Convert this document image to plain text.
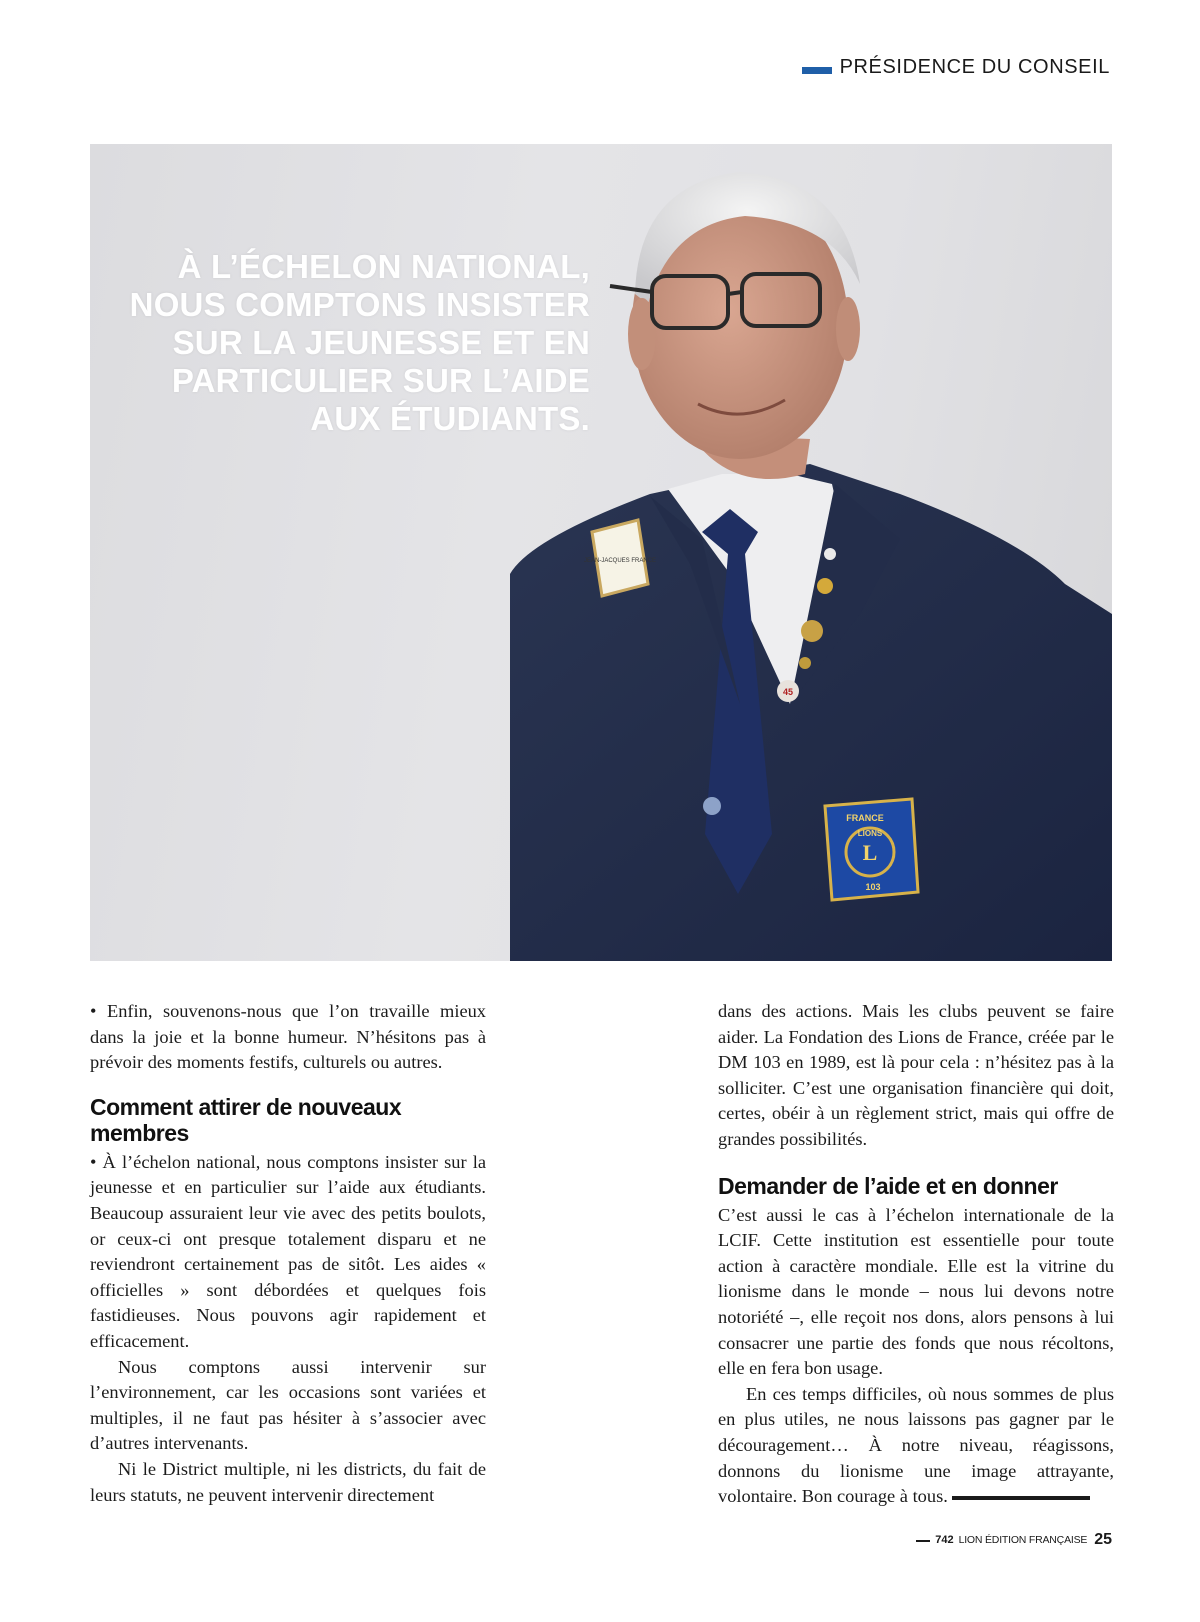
PRÉSIDENCE DU CONSEIL
JEAN-JACQUES FRANCE
45
FRANCE
LIONS
L
103
À L’ÉCHELON NATIONAL, NOUS COMPTONS INSISTER SUR LA JEUNESSE ET EN PARTICULIER SUR L’AIDE AUX ÉTUDIANTS.

• Enfin, souvenons-nous que l’on travaille mieux dans la joie et la bonne humeur. N’hésitons pas à prévoir des moments festifs, culturels ou autres.

Comment attirer de nouveaux membres

• À l’échelon national, nous comptons insister sur la jeunesse et en particulier sur l’aide aux étudiants. Beaucoup assuraient leur vie avec des petits boulots, or ceux-ci ont presque totalement disparu et ne reviendront certainement pas de sitôt. Les aides « officielles » sont débordées et quelques fois fastidieuses. Nous pouvons agir rapidement et efficacement.

Nous comptons aussi intervenir sur l’environnement, car les occasions sont variées et multiples, il ne faut pas hésiter à s’associer avec d’autres intervenants.

Ni le District multiple, ni les districts, du fait de leurs statuts, ne peuvent intervenir directement

dans des actions. Mais les clubs peuvent se faire aider. La Fondation des Lions de France, créée par le DM 103 en 1989, est là pour cela : n’hésitez pas à la solliciter. C’est une organisation financière qui doit, certes, obéir à un règlement strict, mais qui offre de grandes possibilités.

Demander de l’aide et en donner

C’est aussi le cas à l’échelon internationale de la LCIF. Cette institution est essentielle pour toute action à caractère mondiale. Elle est la vitrine du lionisme dans le monde – nous lui devons notre notoriété –, elle reçoit nos dons, alors pensons à lui consacrer une partie des fonds que nous récoltons, elle en fera bon usage.

En ces temps difficiles, où nous sommes de plus en plus utiles, ne nous laissons pas gagner par le découragement… À notre niveau, réagissons, donnons du lionisme une image attrayante, volontaire. Bon courage à tous.

742 LION ÉDITION FRANÇAISE 25
